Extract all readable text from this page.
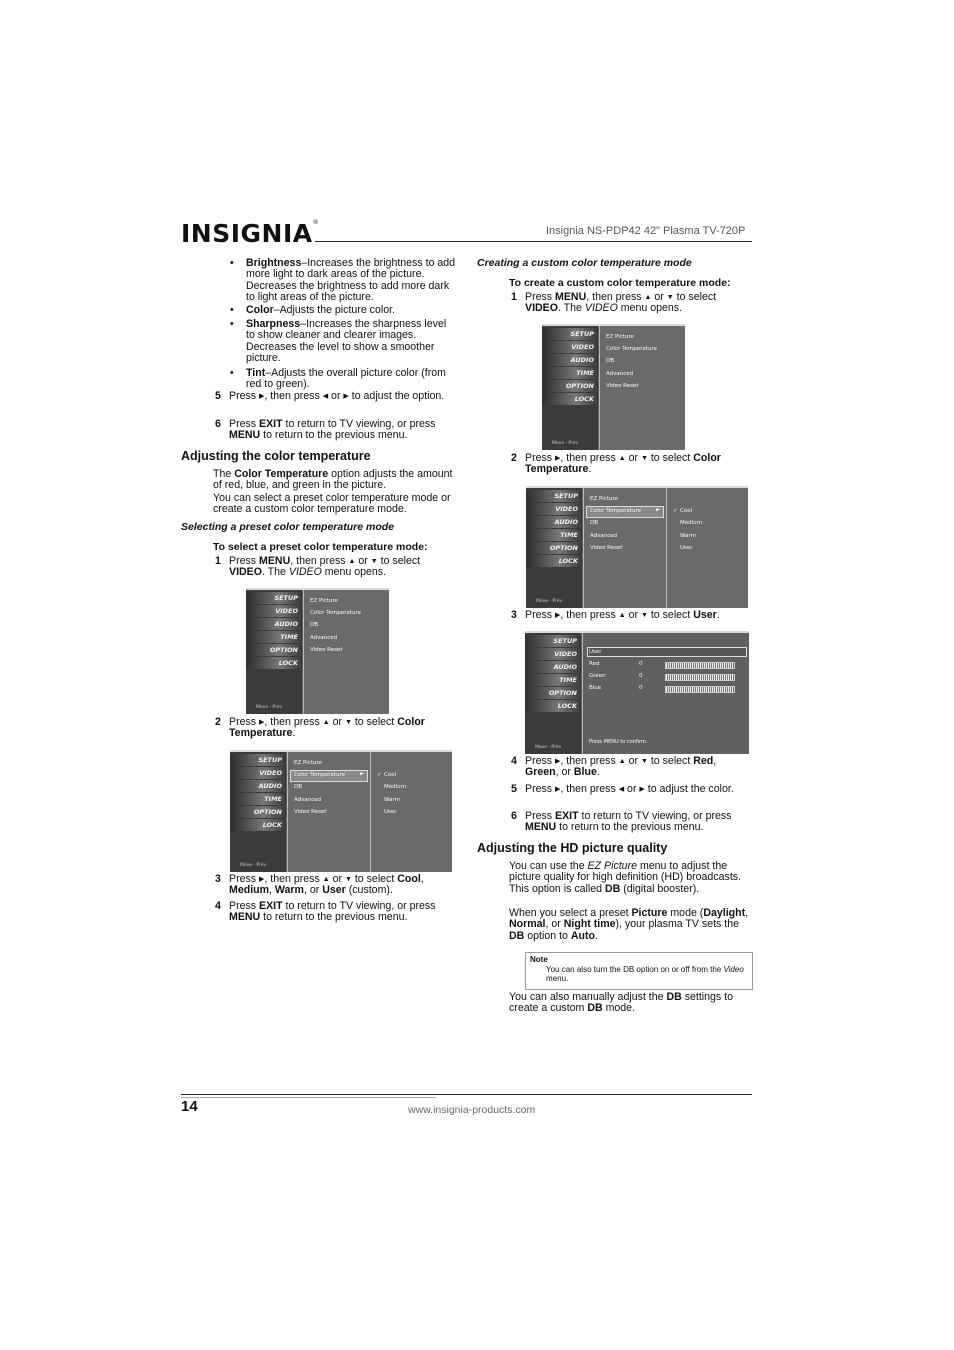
INSIGNIA®
Insignia NS-PDP42 42" Plasma TV-720P
• Brightness–Increases the brightness to add more light to dark areas of the picture. Decreases the brightness to add more dark to light areas of the picture.
• Color–Adjusts the picture color.
• Sharpness–Increases the sharpness level to show cleaner and clearer images. Decreases the level to show a smoother picture.
• Tint–Adjusts the overall picture color (from red to green).
5 Press ▶, then press ◀ or ▶ to adjust the option.
6 Press EXIT to return to TV viewing, or press MENU to return to the previous menu.
Adjusting the color temperature
The Color Temperature option adjusts the amount of red, blue, and green in the picture.
You can select a preset color temperature mode or create a custom color temperature mode.
Selecting a preset color temperature mode
To select a preset color temperature mode:
1 Press MENU, then press ▲ or ▼ to select VIDEO. The VIDEO menu opens.
SETUP
VIDEO
AUDIO
TIME
OPTION
LOCK
Move · Prev
EZ Picture
Color Temperature
DB
Advanced
Video Reset
2 Press ▶, then press ▲ or ▼ to select Color Temperature.
SETUP
VIDEO
AUDIO
TIME
OPTION
LOCK
Move · Prev
EZ Picture
Color Temperature	►
DB
Advanced
Video Reset
✓ Cool
Medium
Warm
User
3 Press ▶, then press ▲ or ▼ to select Cool, Medium, Warm, or User (custom).
4 Press EXIT to return to TV viewing, or press MENU to return to the previous menu.
Creating a custom color temperature mode
To create a custom color temperature mode:
1 Press MENU, then press ▲ or ▼ to select VIDEO. The VIDEO menu opens.
SETUP
VIDEO
AUDIO
TIME
OPTION
LOCK
Move · Prev
EZ Picture
Color Temperature
DB
Advanced
Video Reset
2 Press ▶, then press ▲ or ▼ to select Color Temperature.
SETUP
VIDEO
AUDIO
TIME
OPTION
LOCK
Move · Prev
EZ Picture
Color Temperature	►
DB
Advanced
Video Reset
✓ Cool
Medium
Warm
User
3 Press ▶, then press ▲ or ▼ to select User.
SETUP
VIDEO
AUDIO
TIME
OPTION
LOCK
Move · Prev
User
Red	0
Green	0
Blue	0
Press MENU to confirm.
4 Press ▶, then press ▲ or ▼ to select Red, Green, or Blue.
5 Press ▶, then press ◀ or ▶ to adjust the color.
6 Press EXIT to return to TV viewing, or press MENU to return to the previous menu.
Adjusting the HD picture quality
You can use the EZ Picture menu to adjust the picture quality for high definition (HD) broadcasts. This option is called DB (digital booster).
When you select a preset Picture mode (Daylight, Normal, or Night time), your plasma TV sets the DB option to Auto.
Note
You can also turn the DB option on or off from the Video menu.
You can also manually adjust the DB settings to create a custom DB mode.
14	www.insignia-products.com
